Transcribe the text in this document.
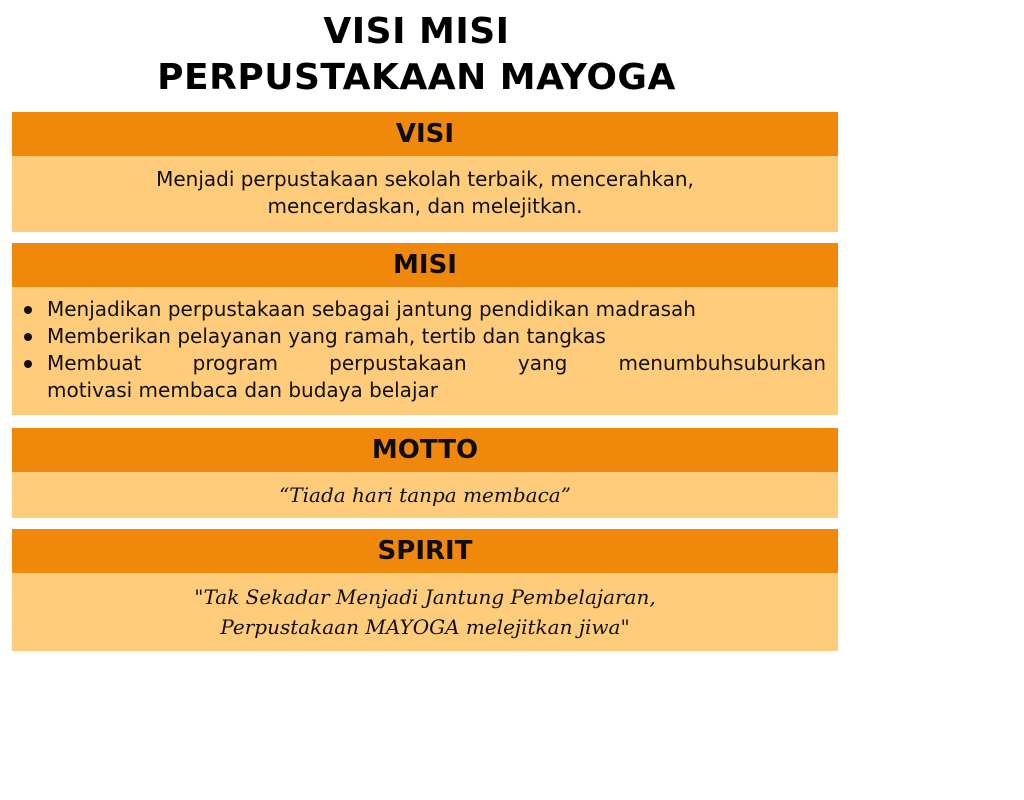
VISI MISI
PERPUSTAKAAN MAYOGA
VISI
Menjadi perpustakaan sekolah terbaik, mencerahkan,
mencerdaskan, dan melejitkan.
MISI
Menjadikan perpustakaan sebagai jantung pendidikan madrasah
Memberikan pelayanan yang ramah, tertib dan tangkas
Membuat program perpustakaan yang menumbuhsuburkan
motivasi membaca dan budaya belajar
MOTTO
“Tiada hari tanpa membaca”
SPIRIT
"Tak Sekadar Menjadi Jantung Pembelajaran,
Perpustakaan MAYOGA melejitkan jiwa"
